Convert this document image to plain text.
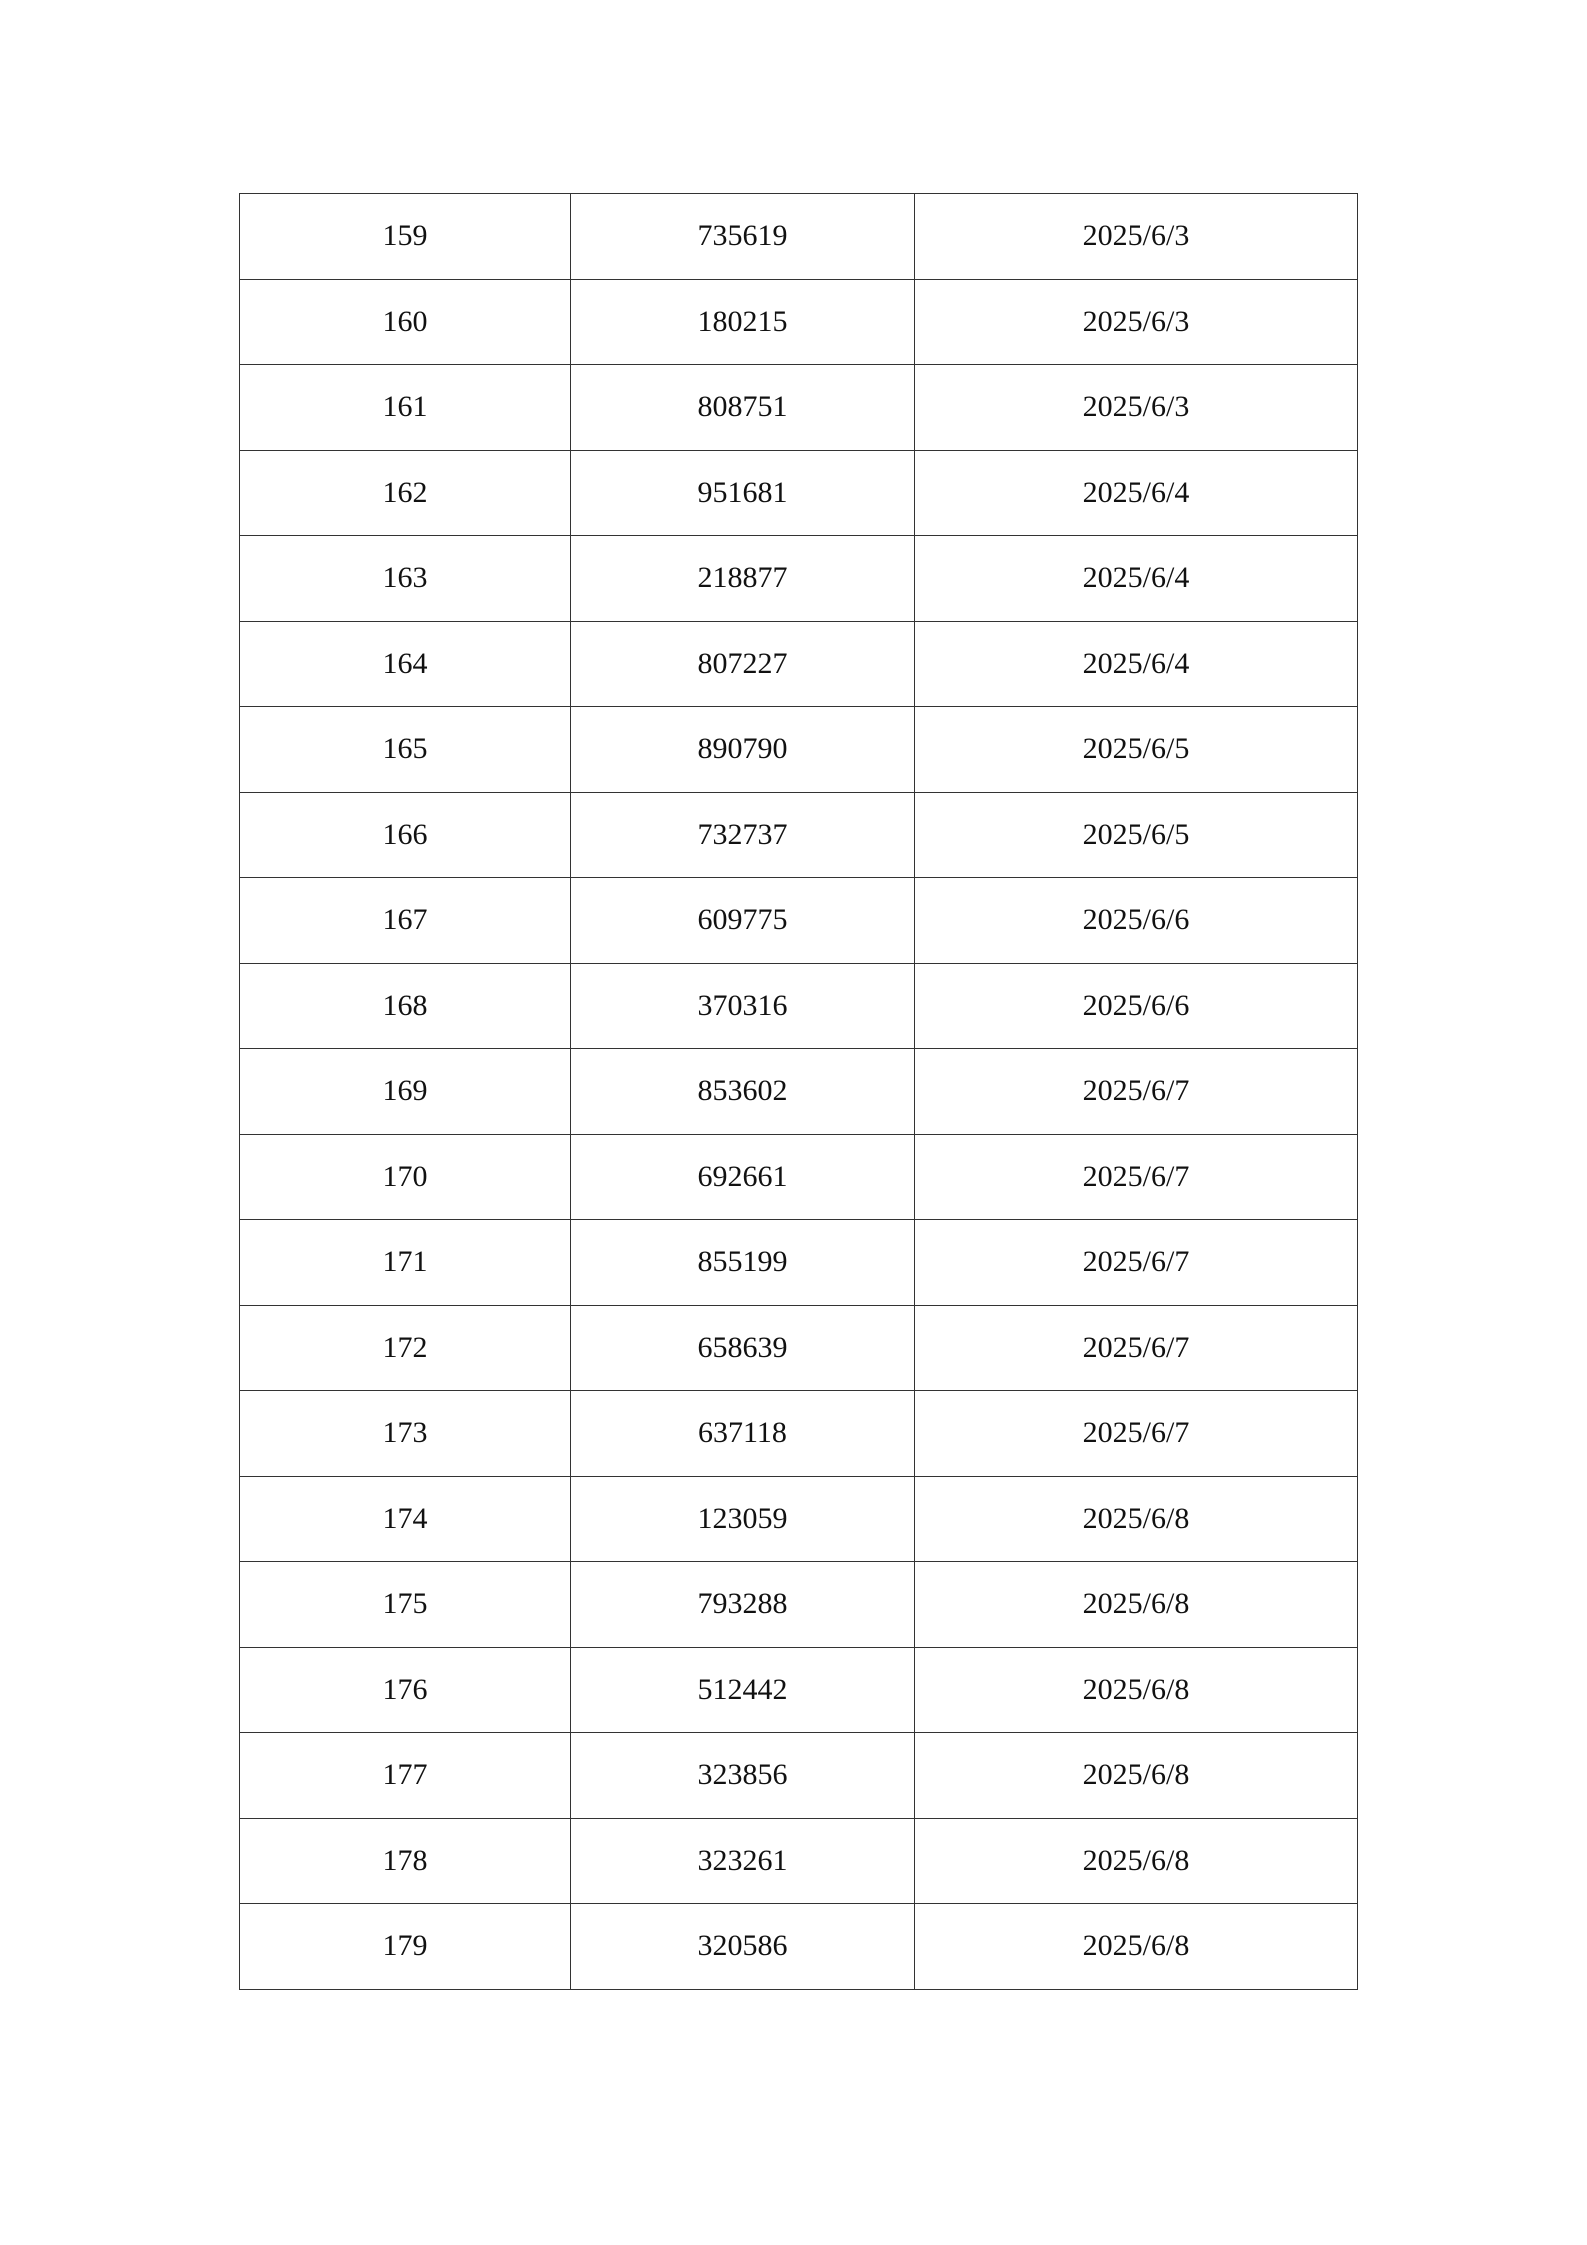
159	735619	2025/6/3
160	180215	2025/6/3
161	808751	2025/6/3
162	951681	2025/6/4
163	218877	2025/6/4
164	807227	2025/6/4
165	890790	2025/6/5
166	732737	2025/6/5
167	609775	2025/6/6
168	370316	2025/6/6
169	853602	2025/6/7
170	692661	2025/6/7
171	855199	2025/6/7
172	658639	2025/6/7
173	637118	2025/6/7
174	123059	2025/6/8
175	793288	2025/6/8
176	512442	2025/6/8
177	323856	2025/6/8
178	323261	2025/6/8
179	320586	2025/6/8
